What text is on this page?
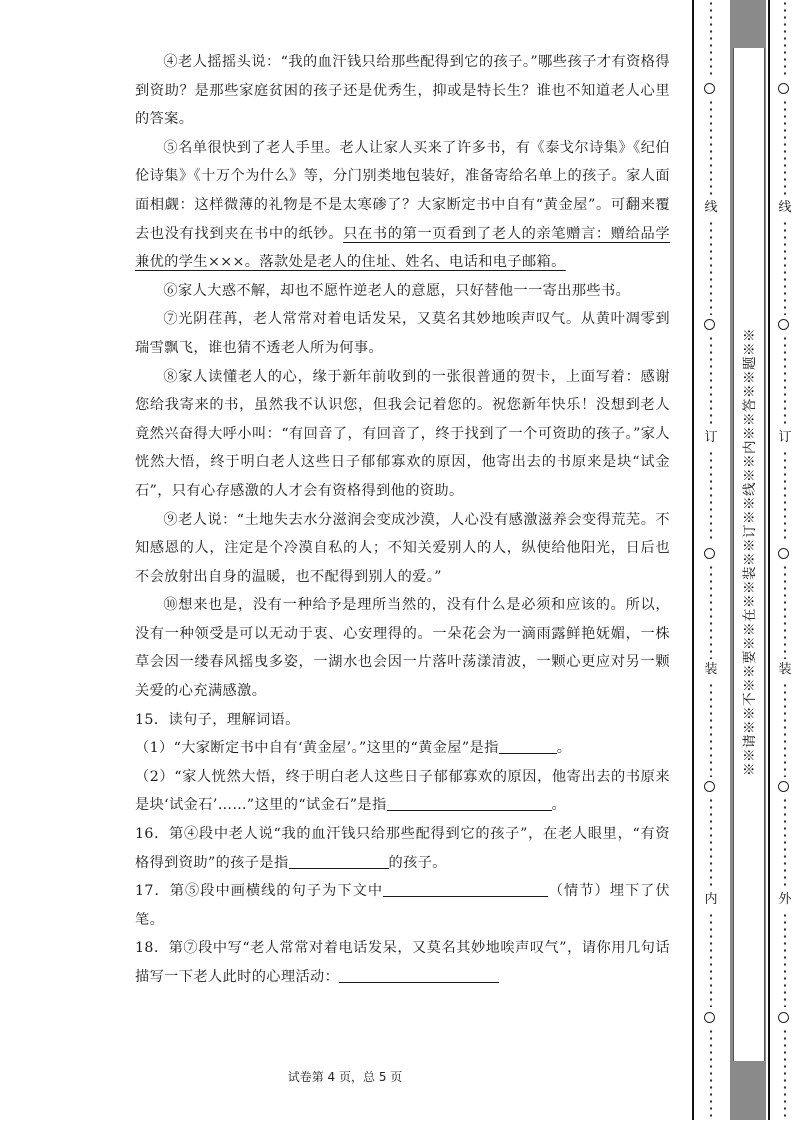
④老人摇摇头说：“我的血汗钱只给那些配得到它的孩子。”哪些孩子才有资格得到资助？是那些家庭贫困的孩子还是优秀生，抑或是特长生？谁也不知道老人心里的答案。

⑤名单很快到了老人手里。老人让家人买来了许多书，有《泰戈尔诗集》《纪伯伦诗集》《十万个为什么》等，分门别类地包装好，准备寄给名单上的孩子。家人面面相觑：这样微薄的礼物是不是太寒碜了？大家断定书中自有“黄金屋”。可翻来覆去也没有找到夹在书中的纸钞。只在书的第一页看到了老人的亲笔赠言：赠给品学兼优的学生×××。落款处是老人的住址、姓名、电话和电子邮箱。

⑥家人大惑不解，却也不愿忤逆老人的意愿，只好替他一一寄出那些书。

⑦光阴荏苒，老人常常对着电话发呆，又莫名其妙地唉声叹气。从黄叶凋零到瑞雪飘飞，谁也猜不透老人所为何事。

⑧家人读懂老人的心，缘于新年前收到的一张很普通的贺卡，上面写着：感谢您给我寄来的书，虽然我不认识您，但我会记着您的。祝您新年快乐！没想到老人竟然兴奋得大呼小叫：“有回音了，有回音了，终于找到了一个可资助的孩子。”家人恍然大悟，终于明白老人这些日子郁郁寡欢的原因，他寄出去的书原来是块“试金石”，只有心存感激的人才会有资格得到他的资助。

⑨老人说：“土地失去水分滋润会变成沙漠，人心没有感激滋养会变得荒芜。不知感恩的人，注定是个冷漠自私的人；不知关爱别人的人，纵使给他阳光，日后也不会放射出自身的温暖，也不配得到别人的爱。”

⑩想来也是，没有一种给予是理所当然的，没有什么是必须和应该的。所以，没有一种领受是可以无动于衷、心安理得的。一朵花会为一滴雨露鲜艳妩媚，一株草会因一缕春风摇曳多姿，一湖水也会因一片落叶荡漾清波，一颗心更应对另一颗关爱的心充满感激。

15．读句子，理解词语。

（1）“大家断定书中自有‘黄金屋’。”这里的“黄金屋”是指	。

（2）“家人恍然大悟，终于明白老人这些日子郁郁寡欢的原因，他寄出去的书原来是块‘试金石’……”这里的“试金石”是指	。

16．第④段中老人说“我的血汗钱只给那些配得到它的孩子”，在老人眼里，“有资格得到资助”的孩子是指	的孩子。

17．第⑤段中画横线的句子为下文中	（情节）埋下了伏笔。

18．第⑦段中写“老人常常对着电话发呆，又莫名其妙地唉声叹气”，请你用几句话描写一下老人此时的心理活动：

试卷第 4 页，总 5 页
线
订
装
内
※※请※※不※※要※※在※※装※※订※※线※※内※※答※※题※※
线
订
装
外
